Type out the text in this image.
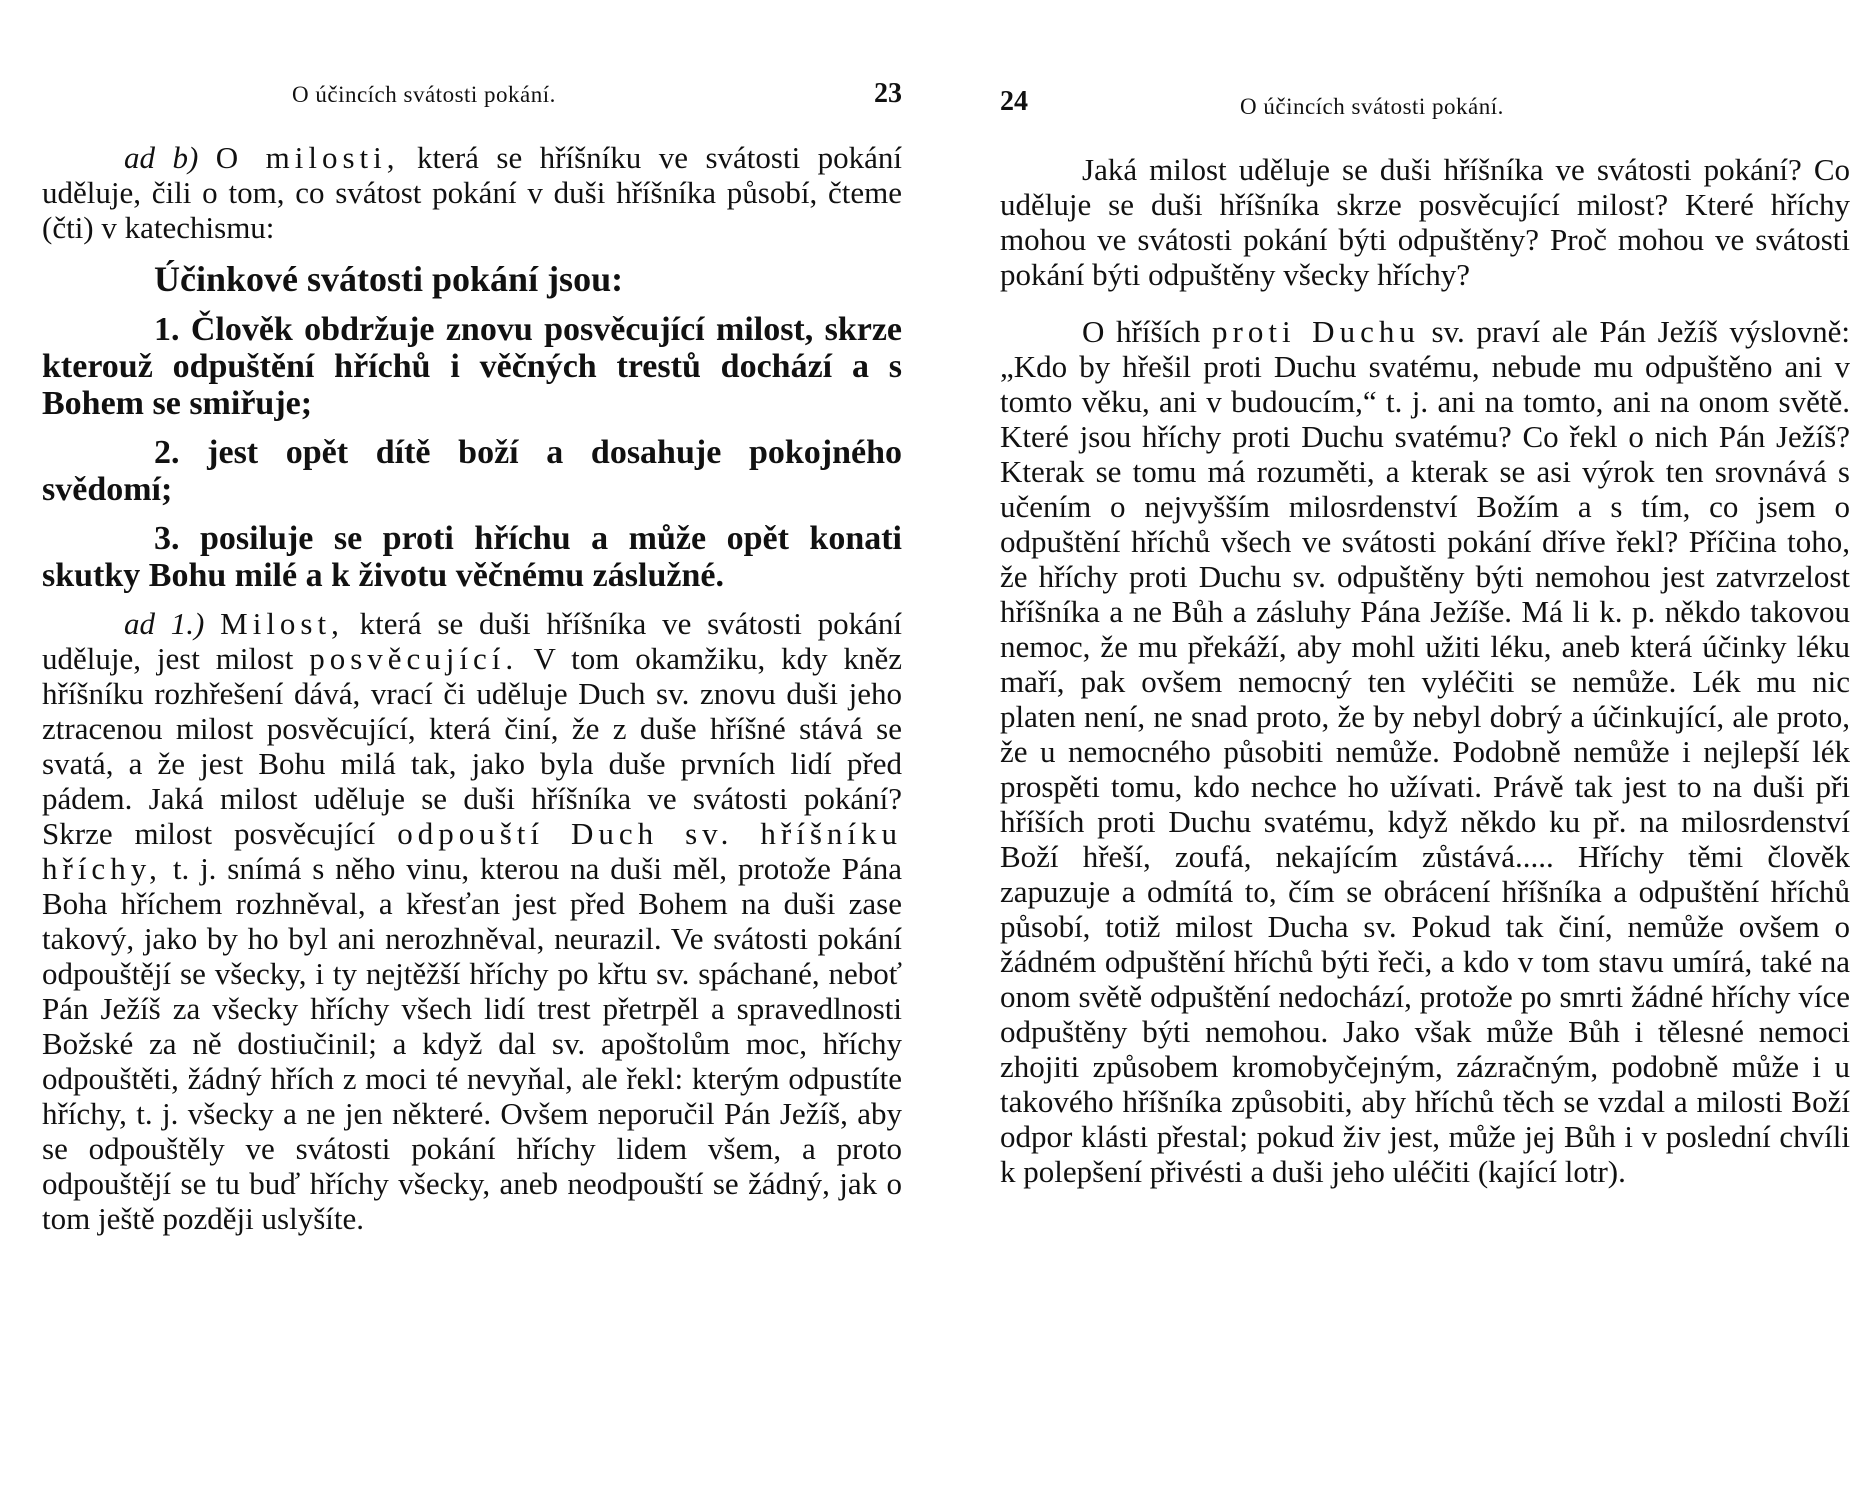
O účincích svátosti pokání.	23

ad b) O milosti, která se hříšníku ve svátosti pokání uděluje, čili o tom, co svátost pokání v duši hříšníka působí, čteme (čti) v katechismu:

Účinkové svátosti pokání jsou:
1. Člověk obdržuje znovu posvěcující milost, skrze kterouž odpuštění hříchů i věčných trestů dochází a s Bohem se smiřuje;
2. jest opět dítě boží a dosahuje pokojného svědomí;
3. posiluje se proti hříchu a může opět konati skutky Bohu milé a k životu věčnému záslužné.

ad 1.) Milost, která se duši hříšníka ve svátosti pokání uděluje, jest milost posvěcující. V tom okamžiku, kdy kněz hříšníku rozhřešení dává, vrací či uděluje Duch sv. znovu duši jeho ztracenou milost posvěcující, která činí, že z duše hříšné stává se svatá, a že jest Bohu milá tak, jako byla duše prvních lidí před pádem. Jaká milost uděluje se duši hříšníka ve svátosti pokání? Skrze milost posvěcující odpouští Duch sv. hříšníku hříchy, t. j. snímá s něho vinu, kterou na duši měl, protože Pána Boha hříchem rozhněval, a křesťan jest před Bohem na duši zase takový, jako by ho byl ani nerozhněval, neurazil. Ve svátosti pokání odpouštějí se všecky, i ty nejtěžší hříchy po křtu sv. spáchané, neboť Pán Ježíš za všecky hříchy všech lidí trest přetrpěl a spravedlnosti Božské za ně dostiučinil; a když dal sv. apoštolům moc, hříchy odpouštěti, žádný hřích z moci té nevyňal, ale řekl: kterým odpustíte hříchy, t. j. všecky a ne jen některé. Ovšem neporučil Pán Ježíš, aby se odpouštěly ve svátosti pokání hříchy lidem všem, a proto odpouštějí se tu buď hříchy všecky, aneb neodpouští se žádný, jak o tom ještě později uslyšíte.

24	O účincích svátosti pokání.

Jaká milost uděluje se duši hříšníka ve svátosti pokání? Co uděluje se duši hříšníka skrze posvěcující milost? Které hříchy mohou ve svátosti pokání býti odpuštěny? Proč mohou ve svátosti pokání býti odpuštěny všecky hříchy?

O hříších proti Duchu sv. praví ale Pán Ježíš výslovně: „Kdo by hřešil proti Duchu svatému, nebude mu odpuštěno ani v tomto věku, ani v budoucím,“ t. j. ani na tomto, ani na onom světě. Které jsou hříchy proti Duchu svatému? Co řekl o nich Pán Ježíš? Kterak se tomu má rozuměti, a kterak se asi výrok ten srovnává s učením o nejvyšším milosrdenství Božím a s tím, co jsem o odpuštění hříchů všech ve svátosti pokání dříve řekl? Příčina toho, že hříchy proti Duchu sv. odpuštěny býti nemohou jest zatvrzelost hříšníka a ne Bůh a zásluhy Pána Ježíše. Má li k. p. někdo takovou nemoc, že mu překáží, aby mohl užiti léku, aneb která účinky léku maří, pak ovšem nemocný ten vyléčiti se nemůže. Lék mu nic platen není, ne snad proto, že by nebyl dobrý a účinkující, ale proto, že u nemocného působiti nemůže. Podobně nemůže i nejlepší lék prospěti tomu, kdo nechce ho užívati. Právě tak jest to na duši při hříších proti Duchu svatému, když někdo ku př. na milosrdenství Boží hřeší, zoufá, nekajícím zůstává..... Hříchy těmi člověk zapuzuje a odmítá to, čím se obrácení hříšníka a odpuštění hříchů působí, totiž milost Ducha sv. Pokud tak činí, nemůže ovšem o žádném odpuštění hříchů býti řeči, a kdo v tom stavu umírá, také na onom světě odpuštění nedochází, protože po smrti žádné hříchy více odpuštěny býti nemohou. Jako však může Bůh i tělesné nemoci zhojiti způsobem kromobyčejným, zázračným, podobně může i u takového hříšníka způsobiti, aby hříchů těch se vzdal a milosti Boží odpor klásti přestal; pokud živ jest, může jej Bůh i v poslední chvíli k polepšení přivésti a duši jeho uléčiti (kající lotr).
